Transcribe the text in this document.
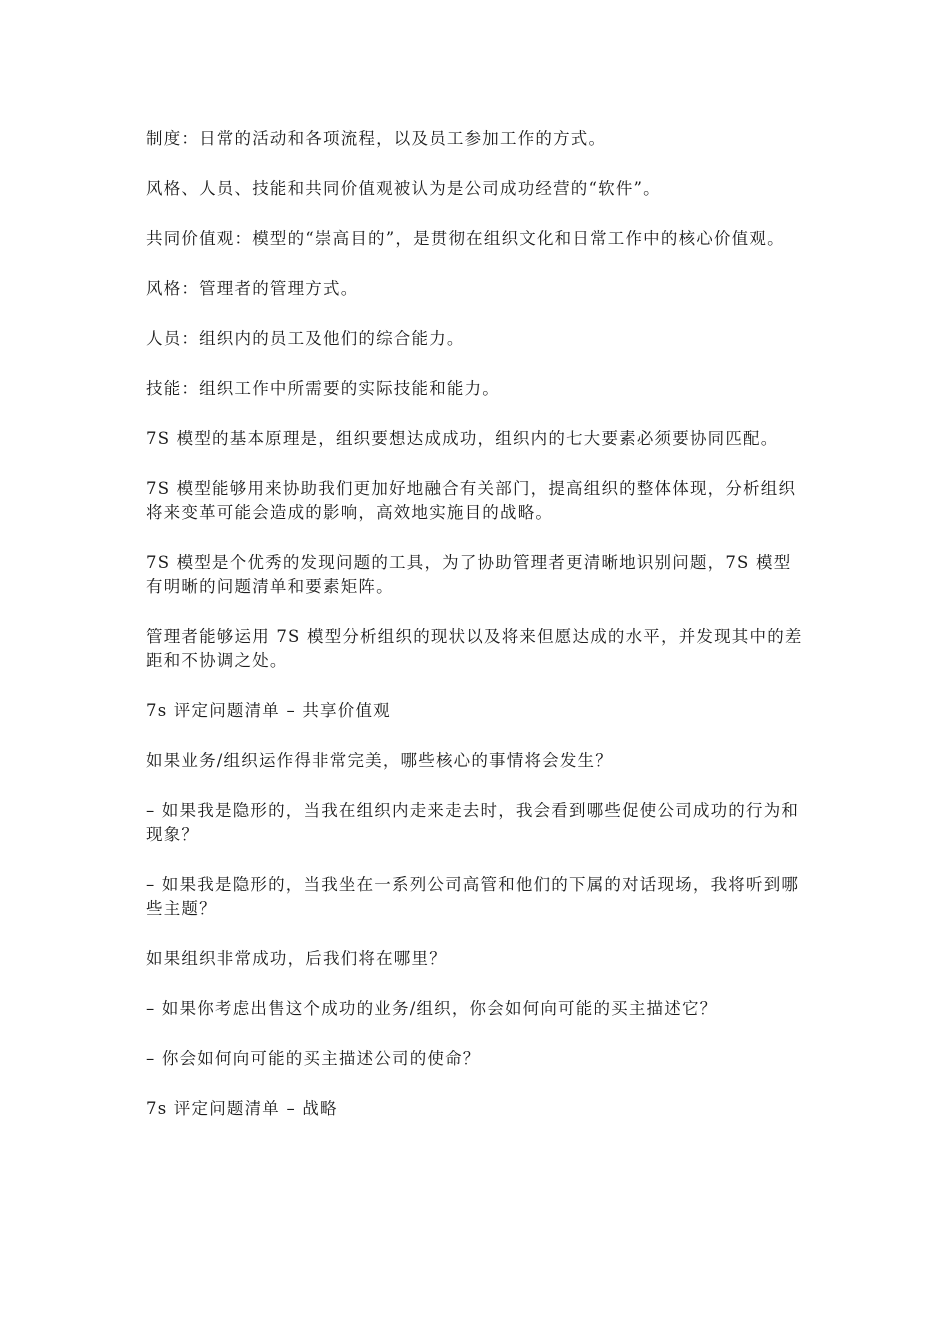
制度：日常的活动和各项流程，以及员工参加工作的方式。

风格、人员、技能和共同价值观被认为是公司成功经营的“软件”。

共同价值观：模型的“崇高目的”，是贯彻在组织文化和日常工作中的核心价值观。

风格：管理者的管理方式。

人员：组织内的员工及他们的综合能力。

技能：组织工作中所需要的实际技能和能力。

7S 模型的基本原理是，组织要想达成成功，组织内的七大要素必须要协同匹配。

7S 模型能够用来协助我们更加好地融合有关部门，提高组织的整体体现，分析组织将来变革可能会造成的影响，高效地实施目的战略。

7S 模型是个优秀的发现问题的工具，为了协助管理者更清晰地识别问题，7S 模型有明晰的问题清单和要素矩阵。

管理者能够运用 7S 模型分析组织的现状以及将来但愿达成的水平，并发现其中的差距和不协调之处。

7s 评定问题清单 – 共享价值观

如果业务/组织运作得非常完美，哪些核心的事情将会发生？

– 如果我是隐形的，当我在组织内走来走去时，我会看到哪些促使公司成功的行为和现象？

– 如果我是隐形的，当我坐在一系列公司高管和他们的下属的对话现场，我将听到哪些主题？

如果组织非常成功，后我们将在哪里？

– 如果你考虑出售这个成功的业务/组织，你会如何向可能的买主描述它？

– 你会如何向可能的买主描述公司的使命？

7s 评定问题清单 – 战略
